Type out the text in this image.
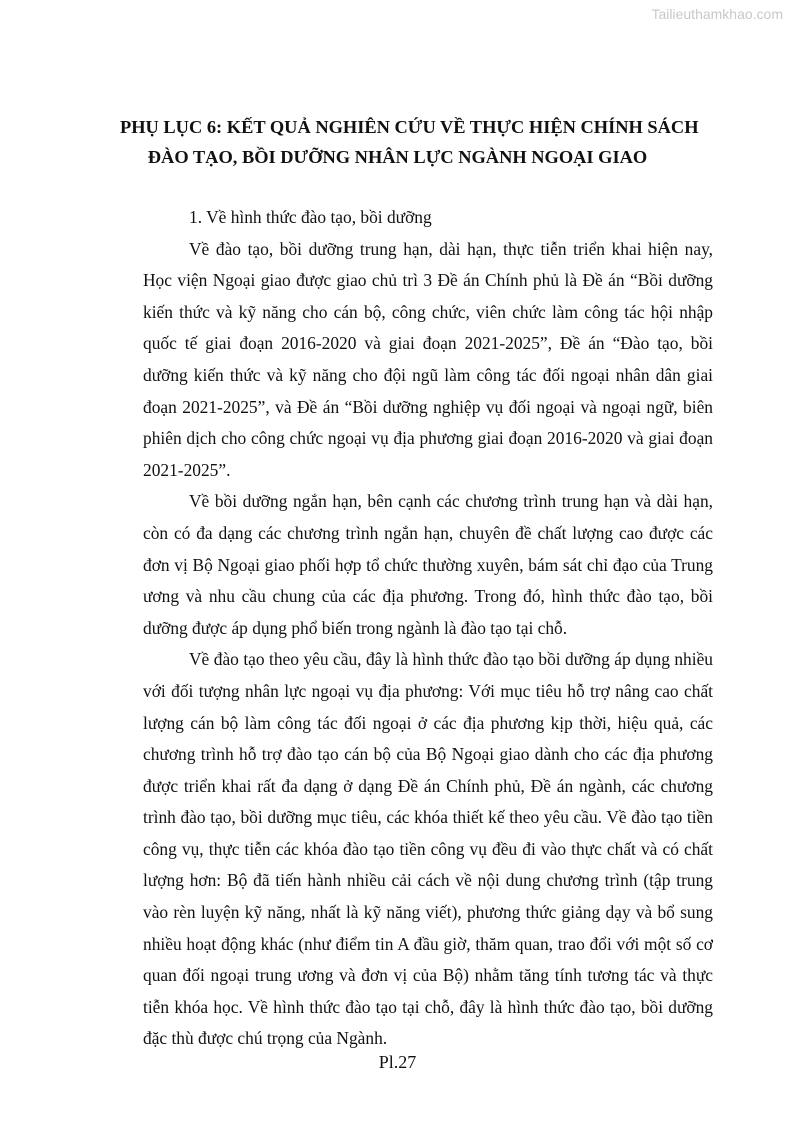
Tailieuthamkhao.com
PHỤ LỤC 6: KẾT QUẢ NGHIÊN CỨU VỀ THỰC HIỆN CHÍNH SÁCH
ĐÀO TẠO, BỒI DƯỠNG NHÂN LỰC NGÀNH NGOẠI GIAO

1. Về hình thức đào tạo, bồi dưỡng

Về đào tạo, bồi dưỡng trung hạn, dài hạn, thực tiễn triển khai hiện nay, Học viện Ngoại giao được giao chủ trì 3 Đề án Chính phủ là Đề án “Bồi dưỡng kiến thức và kỹ năng cho cán bộ, công chức, viên chức làm công tác hội nhập quốc tế giai đoạn 2016-2020 và giai đoạn 2021-2025”, Đề án “Đào tạo, bồi dưỡng kiến thức và kỹ năng cho đội ngũ làm công tác đối ngoại nhân dân giai đoạn 2021-2025”, và Đề án “Bồi dưỡng nghiệp vụ đối ngoại và ngoại ngữ, biên phiên dịch cho công chức ngoại vụ địa phương giai đoạn 2016-2020 và giai đoạn 2021-2025”.

Về bồi dưỡng ngắn hạn, bên cạnh các chương trình trung hạn và dài hạn, còn có đa dạng các chương trình ngắn hạn, chuyên đề chất lượng cao được các đơn vị Bộ Ngoại giao phối hợp tổ chức thường xuyên, bám sát chỉ đạo của Trung ương và nhu cầu chung của các địa phương. Trong đó, hình thức đào tạo, bồi dưỡng được áp dụng phổ biến trong ngành là đào tạo tại chỗ.

Về đào tạo theo yêu cầu, đây là hình thức đào tạo bồi dưỡng áp dụng nhiều với đối tượng nhân lực ngoại vụ địa phương: Với mục tiêu hỗ trợ nâng cao chất lượng cán bộ làm công tác đối ngoại ở các địa phương kịp thời, hiệu quả, các chương trình hỗ trợ đào tạo cán bộ của Bộ Ngoại giao dành cho các địa phương được triển khai rất đa dạng ở dạng Đề án Chính phủ, Đề án ngành, các chương trình đào tạo, bồi dưỡng mục tiêu, các khóa thiết kế theo yêu cầu. Về đào tạo tiền công vụ, thực tiễn các khóa đào tạo tiền công vụ đều đi vào thực chất và có chất lượng hơn: Bộ đã tiến hành nhiều cải cách về nội dung chương trình (tập trung vào rèn luyện kỹ năng, nhất là kỹ năng viết), phương thức giảng dạy và bổ sung nhiều hoạt động khác (như điểm tin A đầu giờ, thăm quan, trao đổi với một số cơ quan đối ngoại trung ương và đơn vị của Bộ) nhằm tăng tính tương tác và thực tiễn khóa học. Về hình thức đào tạo tại chỗ, đây là hình thức đào tạo, bồi dưỡng đặc thù được chú trọng của Ngành.

Pl.27
